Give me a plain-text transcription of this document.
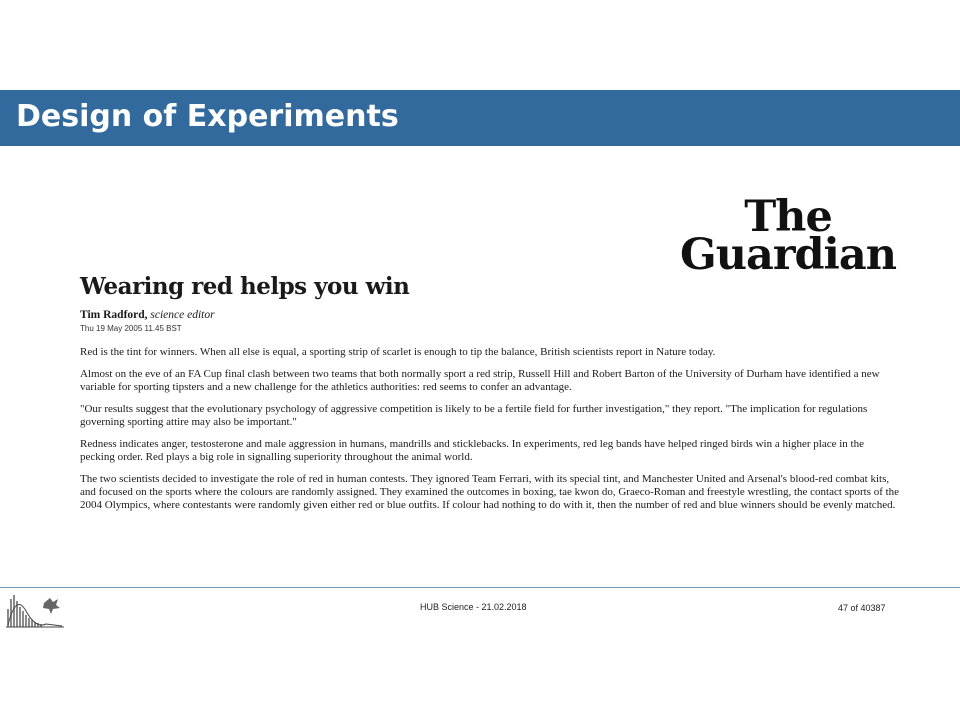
Design of Experiments
The
Guardian
Wearing red helps you win
Tim Radford, science editor
Thu 19 May 2005 11.45 BST

Red is the tint for winners. When all else is equal, a sporting strip of scarlet is enough to tip the balance, British scientists report in Nature today.

Almost on the eve of an FA Cup final clash between two teams that both normally sport a red strip, Russell Hill and Robert Barton of the University of Durham have identified a new variable for sporting tipsters and a new challenge for the athletics authorities: red seems to confer an advantage.

"Our results suggest that the evolutionary psychology of aggressive competition is likely to be a fertile field for further investigation," they report. "The implication for regulations governing sporting attire may also be important."

Redness indicates anger, testosterone and male aggression in humans, mandrills and sticklebacks. In experiments, red leg bands have helped ringed birds win a higher place in the pecking order. Red plays a big role in signalling superiority throughout the animal world.

The two scientists decided to investigate the role of red in human contests. They ignored Team Ferrari, with its special tint, and Manchester United and Arsenal's blood-red combat kits, and focused on the sports where the colours are randomly assigned. They examined the outcomes in boxing, tae kwon do, Graeco-Roman and freestyle wrestling, the contact sports of the 2004 Olympics, where contestants were randomly given either red or blue outfits. If colour had nothing to do with it, then the number of red and blue winners should be evenly matched.

HUB Science - 21.02.2018	47 of 40387
